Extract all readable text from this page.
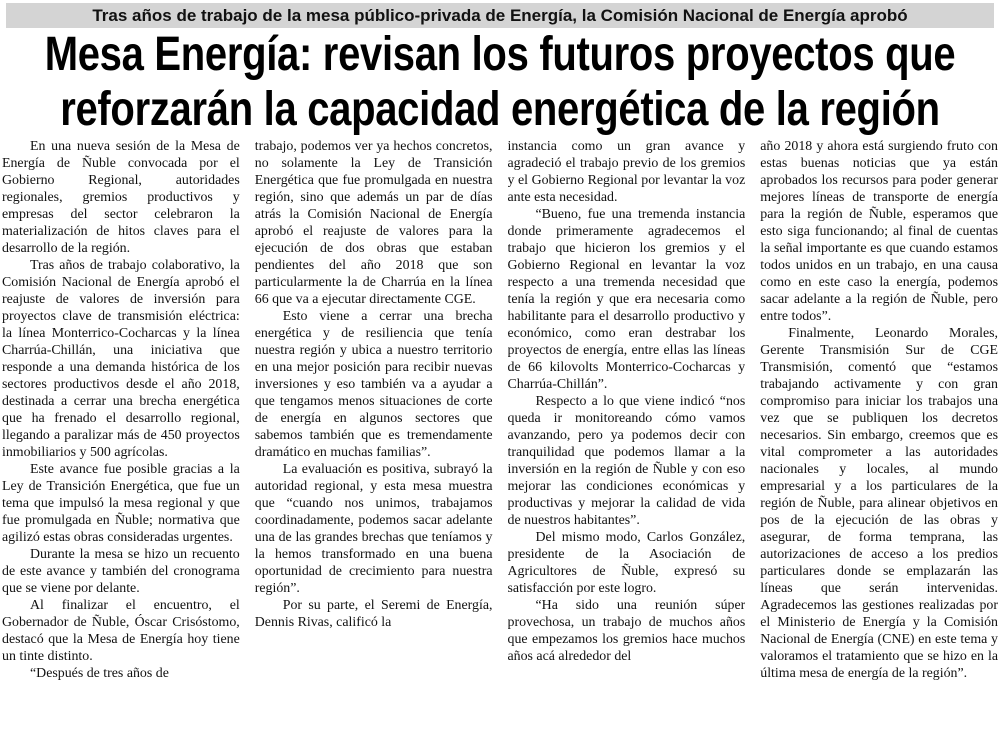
Tras años de trabajo de la mesa público-privada de Energía, la Comisión Nacional de Energía aprobó
Mesa Energía: revisan los futuros proyectos que
reforzarán la capacidad energética de la región

En una nueva sesión de la Mesa de Energía de Ñuble convocada por el Gobierno Regional, autoridades regionales, gremios productivos y empresas del sector celebraron la materialización de hitos claves para el desarrollo de la región.

Tras años de trabajo colaborativo, la Comisión Nacional de Energía aprobó el reajuste de valores de inversión para proyectos clave de transmisión eléctrica: la línea Monterrico-Cocharcas y la línea Charrúa-Chillán, una iniciativa que responde a una demanda histórica de los sectores productivos desde el año 2018, destinada a cerrar una brecha energética que ha frenado el desarrollo regional, llegando a paralizar más de 450 proyectos inmobiliarios y 500 agrícolas.

Este avance fue posible gracias a la Ley de Transición Energética, que fue un tema que impulsó la mesa regional y que fue promulgada en Ñuble; normativa que agilizó estas obras consideradas urgentes.

Durante la mesa se hizo un recuento de este avance y también del cronograma que se viene por delante.

Al finalizar el encuentro, el Gobernador de Ñuble, Óscar Crisóstomo, destacó que la Mesa de Energía hoy tiene un tinte distinto.

“Después de tres años de

trabajo, podemos ver ya hechos concretos, no solamente la Ley de Transición Energética que fue promulgada en nuestra región, sino que además un par de días atrás la Comisión Nacional de Energía aprobó el reajuste de valores para la ejecución de dos obras que estaban pendientes del año 2018 que son particularmente la de Charrúa en la línea 66 que va a ejecutar directamente CGE.

Esto viene a cerrar una brecha energética y de resiliencia que tenía nuestra región y ubica a nuestro territorio en una mejor posición para recibir nuevas inversiones y eso también va a ayudar a que tengamos menos situaciones de corte de energía en algunos sectores que sabemos también que es tremendamente dramático en muchas familias”.

La evaluación es positiva, subrayó la autoridad regional, y esta mesa muestra que “cuando nos unimos, trabajamos coordinadamente, podemos sacar adelante una de las grandes brechas que teníamos y la hemos transformado en una buena oportunidad de crecimiento para nuestra región”.

Por su parte, el Seremi de Energía, Dennis Rivas, calificó la

instancia como un gran avance y agradeció el trabajo previo de los gremios y el Gobierno Regional por levantar la voz ante esta necesidad.

“Bueno, fue una tremenda instancia donde primeramente agradecemos el trabajo que hicieron los gremios y el Gobierno Regional en levantar la voz respecto a una tremenda necesidad que tenía la región y que era necesaria como habilitante para el desarrollo productivo y económico, como eran destrabar los proyectos de energía, entre ellas las líneas de 66 kilovolts Monterrico-Cocharcas y Charrúa-Chillán”.

Respecto a lo que viene indicó “nos queda ir monitoreando cómo vamos avanzando, pero ya podemos decir con tranquilidad que podemos llamar a la inversión en la región de Ñuble y con eso mejorar las condiciones económicas y productivas y mejorar la calidad de vida de nuestros habitantes”.

Del mismo modo, Carlos González, presidente de la Asociación de Agricultores de Ñuble, expresó su satisfacción por este logro.

“Ha sido una reunión súper provechosa, un trabajo de muchos años que empezamos los gremios hace muchos años acá alrededor del

año 2018 y ahora está surgiendo fruto con estas buenas noticias que ya están aprobados los recursos para poder generar mejores líneas de transporte de energía para la región de Ñuble, esperamos que esto siga funcionando; al final de cuentas la señal importante es que cuando estamos todos unidos en un trabajo, en una causa como en este caso la energía, podemos sacar adelante a la región de Ñuble, pero entre todos”.

Finalmente, Leonardo Morales, Gerente Transmisión Sur de CGE Transmisión, comentó que “estamos trabajando activamente y con gran compromiso para iniciar los trabajos una vez que se publiquen los decretos necesarios. Sin embargo, creemos que es vital comprometer a las autoridades nacionales y locales, al mundo empresarial y a los particulares de la región de Ñuble, para alinear objetivos en pos de la ejecución de las obras y asegurar, de forma temprana, las autorizaciones de acceso a los predios particulares donde se emplazarán las líneas que serán intervenidas. Agradecemos las gestiones realizadas por el Ministerio de Energía y la Comisión Nacional de Energía (CNE) en este tema y valoramos el tratamiento que se hizo en la última mesa de energía de la región”.
